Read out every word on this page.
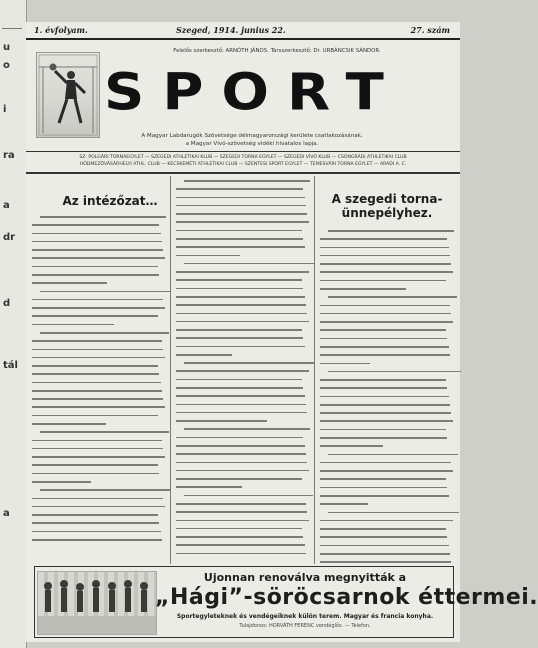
u
o
i
ra
a
dr
d
tál
a
1. évfolyam.	Szeged, 1914. junius 22.	27. szám
Felelős szerkesztő: ARNÓTH JÁNOS. Társszerkesztő: Dr. URBÁNCSIK SÁNDOR.
SPORT
A Magyar Labdarugók Szövetsége délmagyarországi kerülete csatlakozásának,
a Magyar Vívó-szövetség vidéki hivatalos lapja.
SZ. POLGÁRI TORNAEGYLET — SZEGEDI ATHLETIKAI KLUB — SZEGEDI TORNA EGYLET — SZEGEDI VÍVÓ KLUB — CSONGRÁDI ATHLETIKAI CLUB
HÓDMEZŐVÁSÁRHELYI ATHL. CLUB — KECSKEMÉTI ATHLETIKAI CLUB — SZENTESI SPORT EGYLET — TEMESVÁRI TORNA EGYLET — ARADI A. C.
Az intézőzat…	A szegedi torna-
ünnepélyhez.
Ujonnan renoválva megnyitták a
„Hági”-söröcsarnok éttermei.
Sportegyleteknek és vendégeiknek külön terem. Magyar és francia konyha.
Tulajdonos: HORVÁTH FERENC vendéglős. — Telefon.
